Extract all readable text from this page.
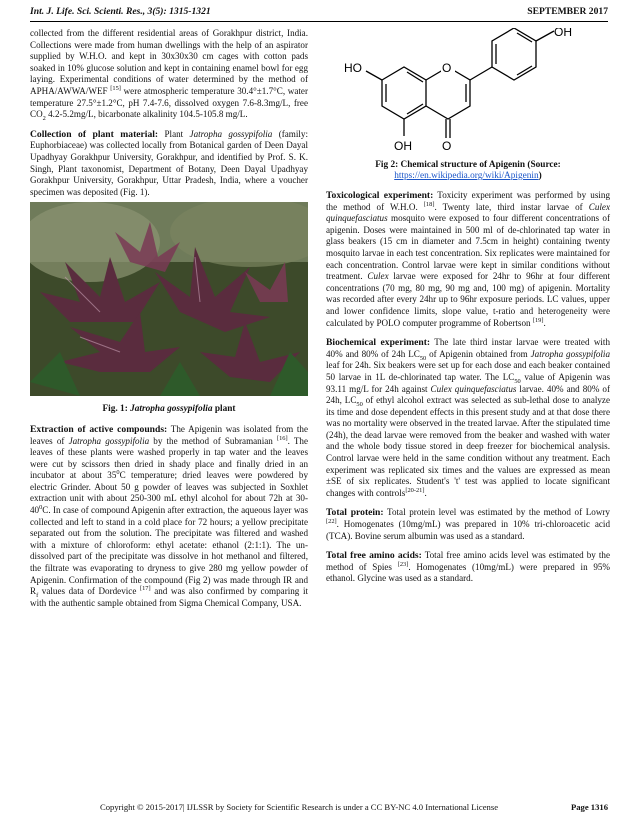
Int. J. Life. Sci. Scienti. Res., 3(5): 1315-1321	SEPTEMBER 2017

collected from the different residential areas of Gorakhpur district, India. Collections were made from human dwellings with the help of an aspirator supplied by W.H.O. and kept in 30x30x30 cm cages with cotton pads soaked in 10% glucose solution and kept in containing enamel bowl for egg laying. Experimental conditions of water determined by the method of APHA/AWWA/WEF [15] were atmospheric temperature 30.4°±1.7°C, water temperature 27.5°±1.2°C, pH 7.4-7.6, dissolved oxygen 7.6-8.3mg/L, free $CO_2$ 4.2-5.2mg/L, bicarbonate alkalinity 104.5-105.8 mg/L.

Collection of plant material: Plant Jatropha gossypifolia (family: Euphorbiaceae) was collected locally from Botanical garden of Deen Dayal Upadhyay Gorakhpur University, Gorakhpur, and identified by Prof. S. K. Singh, Plant taxonomist, Department of Botany, Deen Dayal Upadhyay Gorakhpur University, Gorakhpur, Uttar Pradesh, India, where a voucher specimen was deposited (Fig. 1).

Fig. 1: Jatropha gossypifolia plant

Extraction of active compounds: The Apigenin was isolated from the leaves of Jatropha gossypifolia by the method of Subramanian [16]. The leaves of these plants were washed properly in tap water and the leaves were cut by scissors then dried in shady place and finally dried in an incubator at about $35^0C$ temperature; dried leaves were powdered by electric Grinder. About 50 g powder of leaves was subjected in Soxhlet extraction unit with about 250-300 mL ethyl alcohol for about 72h at $30-40^0C$. In case of compound Apigenin after extraction, the aqueous layer was collected and left to stand in a cold place for 72 hours; a yellow precipitate separated out from the solution. The precipitate was filtered and washed with a mixture of chloroform: ethyl acetate: ethanol (2:1:1). The un-dissolved part of the precipitate was dissolve in hot methanol and filtered, the filtrate was evaporating to dryness to give 280 mg yellow powder of Apigenin. Confirmation of the compound (Fig 2) was made through IR and $R_f$ values data of Dordevice [17] and was also confirmed by comparing it with the authentic sample obtained from Sigma Chemical Company, USA.

O
OH
HO
OH	O
Fig 2: Chemical structure of Apigenin (Source: https://en.wikipedia.org/wiki/Apigenin)

Toxicological experiment: Toxicity experiment was performed by using the method of W.H.O. [18]. Twenty late, third instar larvae of Culex quinquefasciatus mosquito were exposed to four different concentrations of apigenin. Doses were maintained in 500 ml of de-chlorinated tap water in glass beakers (15 cm in diameter and 7.5cm in height) containing twenty mosquito larvae in each test concentration. Six replicates were maintained for each concentration. Control larvae were kept in similar conditions without treatment. Culex larvae were exposed for 24hr to 96hr at four different concentrations (70 mg, 80 mg, 90 mg and, 100 mg) of apigenin. Mortality was recorded after every 24hr up to 96hr exposure periods. LC values, upper and lower confidence limits, slope value, t-ratio and heterogeneity were calculated by POLO computer programme of Robertson [19].

Biochemical experiment: The late third instar larvae were treated with 40% and 80% of 24h $LC_{50}$ of Apigenin obtained from Jatropha gossypifolia leaf for 24h. Six beakers were set up for each dose and each beaker contained 50 larvae in 1L de-chlorinated tap water. The $LC_{50}$ value of Apigenin was 93.11 mg/L for 24h against Culex quinquefasciatus larvae. 40% and 80% of 24h, $LC_{50}$ of ethyl alcohol extract was selected as sub-lethal dose to analyze its time and dose dependent effects in this present study and at that dose there was no mortality were observed in the treated larvae. After the stipulated time (24h), the dead larvae were removed from the beaker and washed with water and the whole body tissue stored in deep freezer for biochemical analysis. Control larvae were held in the same condition without any treatment. Each experiment was replicated six times and the values are expressed as mean ±SE of six replicates. Student's 't' test was applied to locate significant changes with controls[20-21].

Total protein: Total protein level was estimated by the method of Lowry [22]. Homogenates (10mg/mL) was prepared in 10% tri-chloroacetic acid (TCA). Bovine serum albumin was used as a standard.

Total free amino acids: Total free amino acids level was estimated by the method of Spies [23]. Homogenates (10mg/mL) were prepared in 95% ethanol. Glycine was used as a standard.

Copyright © 2015-2017| IJLSSR by Society for Scientific Research is under a CC BY-NC 4.0 International License	Page 1316
